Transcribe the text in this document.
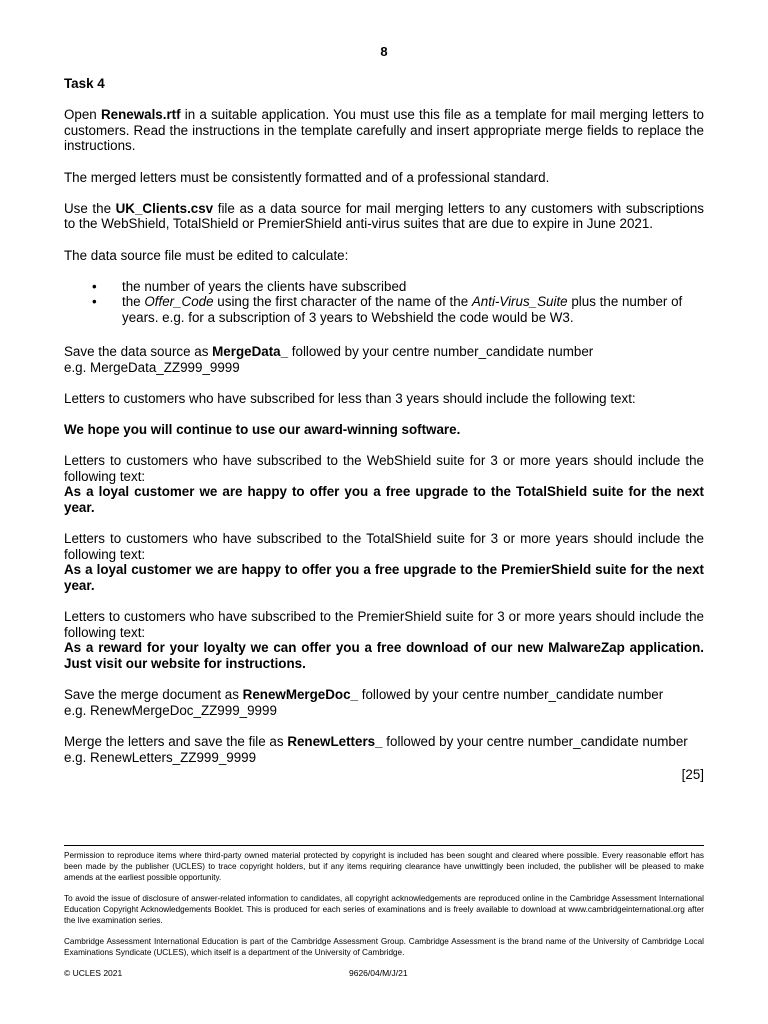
8
Task 4

Open Renewals.rtf in a suitable application. You must use this file as a template for mail merging letters to customers. Read the instructions in the template carefully and insert appropriate merge fields to replace the instructions.

The merged letters must be consistently formatted and of a professional standard.

Use the UK_Clients.csv file as a data source for mail merging letters to any customers with subscriptions to the WebShield, TotalShield or PremierShield anti-virus suites that are due to expire in June 2021.

The data source file must be edited to calculate:

• the number of years the clients have subscribed
• the Offer_Code using the first character of the name of the Anti-Virus_Suite plus the number of years. e.g. for a subscription of 3 years to Webshield the code would be W3.

Save the data source as MergeData_ followed by your centre number_candidate number
e.g. MergeData_ZZ999_9999

Letters to customers who have subscribed for less than 3 years should include the following text:

We hope you will continue to use our award-winning software.

Letters to customers who have subscribed to the WebShield suite for 3 or more years should include the following text:
As a loyal customer we are happy to offer you a free upgrade to the TotalShield suite for the next year.

Letters to customers who have subscribed to the TotalShield suite for 3 or more years should include the following text:
As a loyal customer we are happy to offer you a free upgrade to the PremierShield suite for the next year.

Letters to customers who have subscribed to the PremierShield suite for 3 or more years should include the following text:
As a reward for your loyalty we can offer you a free download of our new MalwareZap application. Just visit our website for instructions.

Save the merge document as RenewMergeDoc_ followed by your centre number_candidate number
e.g. RenewMergeDoc_ZZ999_9999

Merge the letters and save the file as RenewLetters_ followed by your centre number_candidate number
e.g. RenewLetters_ZZ999_9999

[25]

Permission to reproduce items where third-party owned material protected by copyright is included has been sought and cleared where possible. Every reasonable effort has been made by the publisher (UCLES) to trace copyright holders, but if any items requiring clearance have unwittingly been included, the publisher will be pleased to make amends at the earliest possible opportunity.

To avoid the issue of disclosure of answer-related information to candidates, all copyright acknowledgements are reproduced online in the Cambridge Assessment International Education Copyright Acknowledgements Booklet. This is produced for each series of examinations and is freely available to download at www.cambridgeinternational.org after the live examination series.

Cambridge Assessment International Education is part of the Cambridge Assessment Group. Cambridge Assessment is the brand name of the University of Cambridge Local Examinations Syndicate (UCLES), which itself is a department of the University of Cambridge.

© UCLES 2021	9626/04/M/J/21
